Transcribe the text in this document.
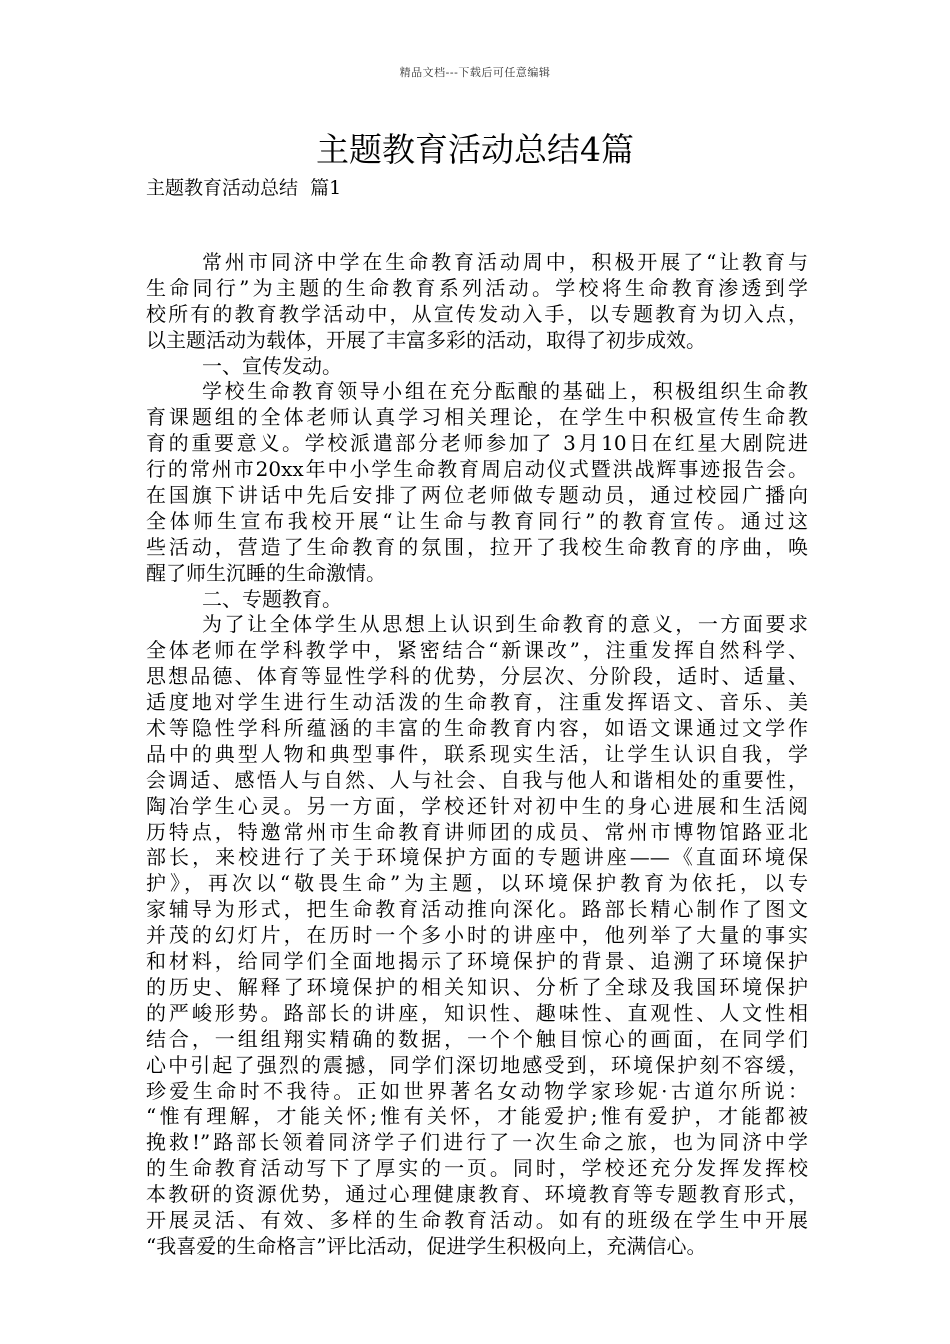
精品文档---下载后可任意编辑
主题教育活动总结4篇
主题教育活动总结  篇1
常州市同济中学在生命教育活动周中，积极开展了“让教育与
生命同行”为主题的生命教育系列活动。学校将生命教育渗透到学
校所有的教育教学活动中，从宣传发动入手，以专题教育为切入点，
以主题活动为载体，开展了丰富多彩的活动，取得了初步成效。
一、宣传发动。
学校生命教育领导小组在充分酝酿的基础上，积极组织生命教
育课题组的全体老师认真学习相关理论，在学生中积极宣传生命教
育的重要意义。学校派遣部分老师参加了 3月10日在红星大剧院进
行的常州市20xx年中小学生命教育周启动仪式暨洪战辉事迹报告会。
在国旗下讲话中先后安排了两位老师做专题动员，通过校园广播向
全体师生宣布我校开展“让生命与教育同行”的教育宣传。通过这
些活动，营造了生命教育的氛围，拉开了我校生命教育的序曲，唤
醒了师生沉睡的生命激情。
二、专题教育。
为了让全体学生从思想上认识到生命教育的意义，一方面要求
全体老师在学科教学中，紧密结合“新课改”，注重发挥自然科学、
思想品德、体育等显性学科的优势，分层次、分阶段，适时、适量、
适度地对学生进行生动活泼的生命教育，注重发挥语文、音乐、美
术等隐性学科所蕴涵的丰富的生命教育内容，如语文课通过文学作
品中的典型人物和典型事件，联系现实生活，让学生认识自我，学
会调适、感悟人与自然、人与社会、自我与他人和谐相处的重要性，
陶冶学生心灵。另一方面，学校还针对初中生的身心进展和生活阅
历特点，特邀常州市生命教育讲师团的成员、常州市博物馆路亚北
部长，来校进行了关于环境保护方面的专题讲座——《直面环境保
护》，再次以“敬畏生命”为主题，以环境保护教育为依托，以专
家辅导为形式，把生命教育活动推向深化。路部长精心制作了图文
并茂的幻灯片，在历时一个多小时的讲座中，他列举了大量的事实
和材料，给同学们全面地揭示了环境保护的背景、追溯了环境保护
的历史、解释了环境保护的相关知识、分析了全球及我国环境保护
的严峻形势。路部长的讲座，知识性、趣味性、直观性、人文性相
结合，一组组翔实精确的数据，一个个触目惊心的画面，在同学们
心中引起了强烈的震撼，同学们深切地感受到，环境保护刻不容缓，
珍爱生命时不我待。正如世界著名女动物学家珍妮·古道尔所说：
“惟有理解，才能关怀;惟有关怀，才能爱护;惟有爱护，才能都被
挽救!”路部长领着同济学子们进行了一次生命之旅，也为同济中学
的生命教育活动写下了厚实的一页。同时，学校还充分发挥发挥校
本教研的资源优势，通过心理健康教育、环境教育等专题教育形式，
开展灵活、有效、多样的生命教育活动。如有的班级在学生中开展
“我喜爱的生命格言”评比活动，促进学生积极向上，充满信心。
